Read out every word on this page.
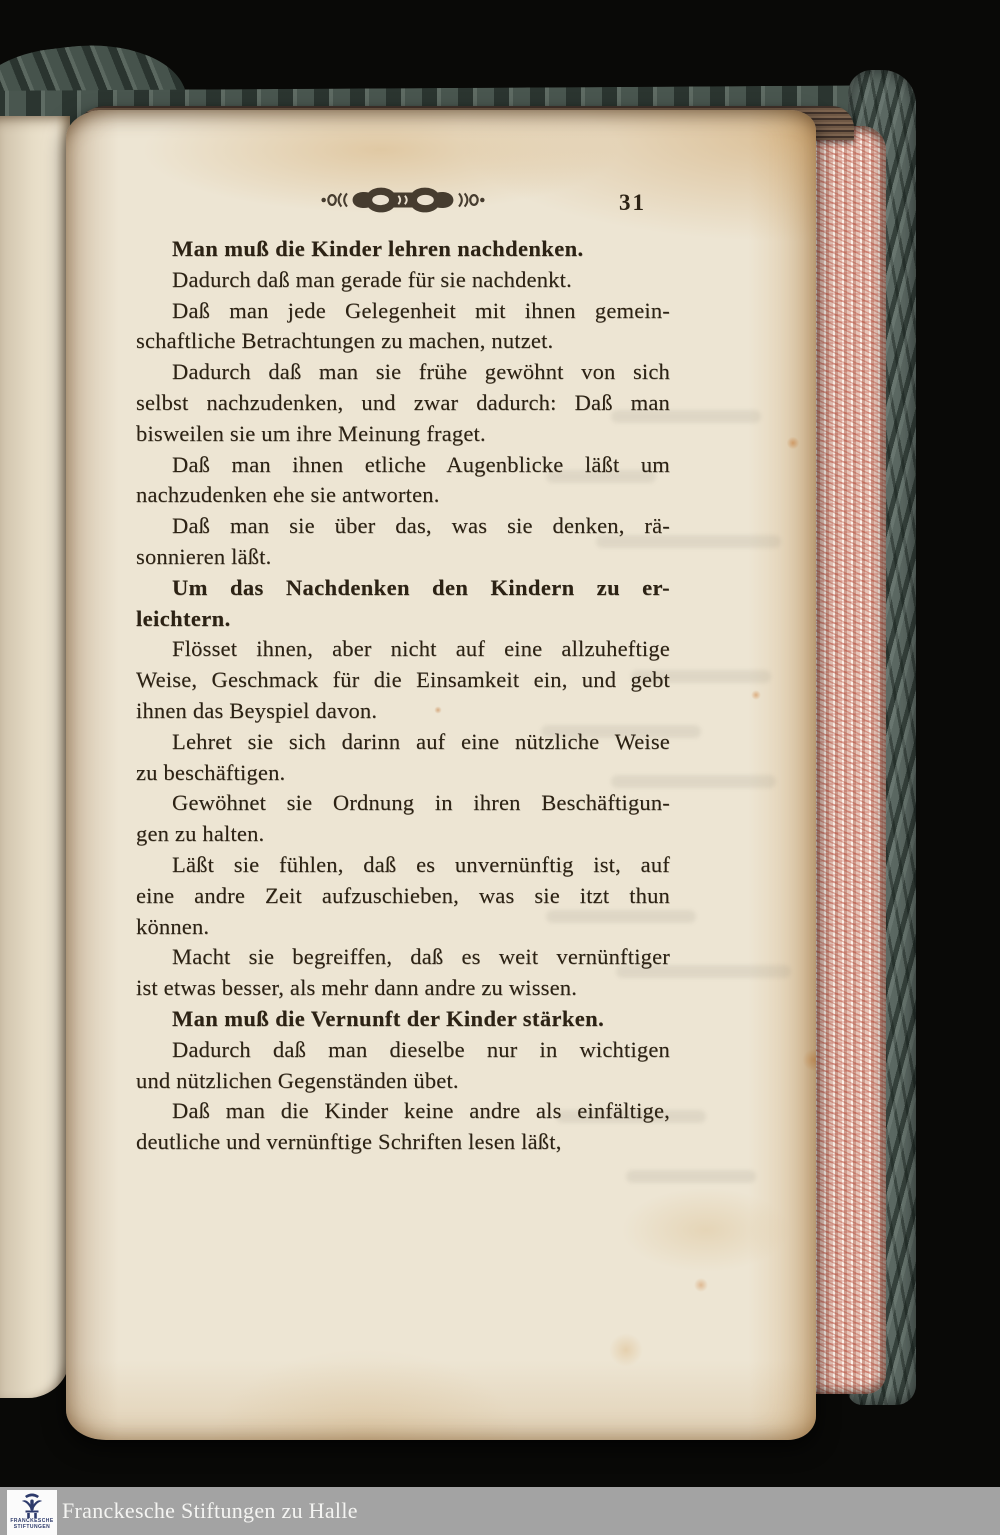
31
Man muß die Kinder lehren nachdenken.
Dadurch daß man gerade für sie nachdenkt.
Daß man jede Gelegenheit mit ihnen gemein-
schaftliche Betrachtungen zu machen, nutzet.
Dadurch daß man sie frühe gewöhnt von sich
selbst nachzudenken, und zwar dadurch: Daß man
bisweilen sie um ihre Meinung fraget.
Daß man ihnen etliche Augenblicke läßt um
nachzudenken ehe sie antworten.
Daß man sie über das, was sie denken, rä-
sonnieren läßt.
Um das Nachdenken den Kindern zu er-
leichtern.
Flösset ihnen, aber nicht auf eine allzuheftige
Weise, Geschmack für die Einsamkeit ein, und gebt
ihnen das Beyspiel davon.
Lehret sie sich darinn auf eine nützliche Weise
zu beschäftigen.
Gewöhnet sie Ordnung in ihren Beschäftigun-
gen zu halten.
Läßt sie fühlen, daß es unvernünftig ist, auf
eine andre Zeit aufzuschieben, was sie itzt thun
können.
Macht sie begreiffen, daß es weit vernünftiger
ist etwas besser, als mehr dann andre zu wissen.
Man muß die Vernunft der Kinder stärken.
Dadurch daß man dieselbe nur in wichtigen
und nützlichen Gegenständen übet.
Daß man die Kinder keine andre als einfältige,
deutliche und vernünftige Schriften lesen läßt,
FRANCKESCHE
STIFTUNGEN
Franckesche Stiftungen zu Halle
